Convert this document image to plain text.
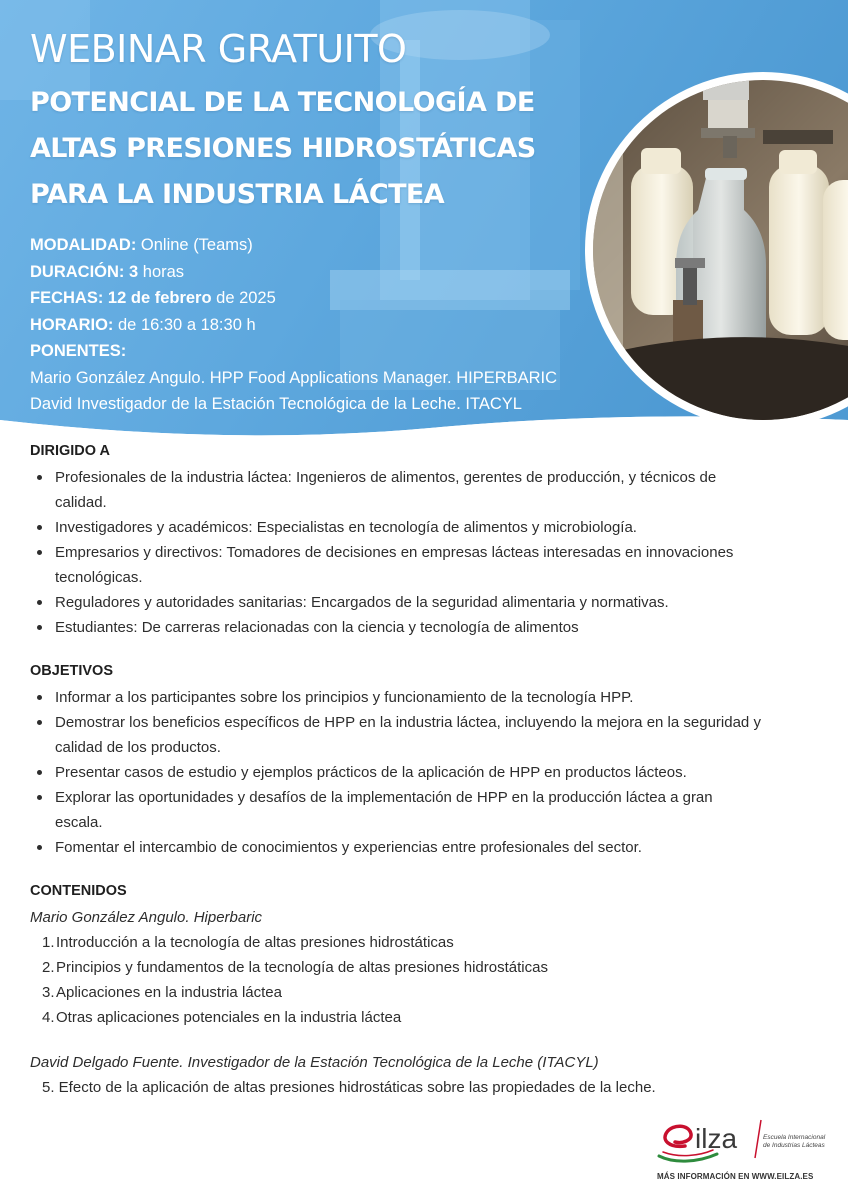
WEBINAR GRATUITO
POTENCIAL DE LA TECNOLOGÍA DE
ALTAS PRESIONES HIDROSTÁTICAS
PARA LA INDUSTRIA LÁCTEA
MODALIDAD: Online (Teams)
DURACIÓN: 3 horas
FECHAS: 12 de febrero de 2025
HORARIO: de 16:30 a 18:30 h
PONENTES:
Mario González Angulo. HPP Food Applications Manager. HIPERBARIC
David Investigador de la Estación Tecnológica de la Leche. ITACYL
DIRIGIDO A
Profesionales de la industria láctea: Ingenieros de alimentos, gerentes de producción, y técnicos de
calidad.
Investigadores y académicos: Especialistas en tecnología de alimentos y microbiología.
Empresarios y directivos: Tomadores de decisiones en empresas lácteas interesadas en innovaciones
tecnológicas.
Reguladores y autoridades sanitarias: Encargados de la seguridad alimentaria y normativas.
Estudiantes: De carreras relacionadas con la ciencia y tecnología de alimentos
OBJETIVOS
Informar a los participantes sobre los principios y funcionamiento de la tecnología HPP.
Demostrar los beneficios específicos de HPP en la industria láctea, incluyendo la mejora en la seguridad y
calidad de los productos.
Presentar casos de estudio y ejemplos prácticos de la aplicación de HPP en productos lácteos.
Explorar las oportunidades y desafíos de la implementación de HPP en la producción láctea a gran
escala.
Fomentar el intercambio de conocimientos y experiencias entre profesionales del sector.
CONTENIDOS
Mario González Angulo. Hiperbaric
1.Introducción a la tecnología de altas presiones hidrostáticas
2.Principios y fundamentos de la tecnología de altas presiones hidrostáticas
3.Aplicaciones en la industria láctea
4.Otras aplicaciones potenciales en la industria láctea
David Delgado Fuente. Investigador de la Estación Tecnológica de la Leche (ITACYL)
5. Efecto de la aplicación de altas presiones hidrostáticas sobre las propiedades de la leche.
ilza	Escuela Internacional
de Industrias Lácteas
MÁS INFORMACIÓN EN WWW.EILZA.ES
